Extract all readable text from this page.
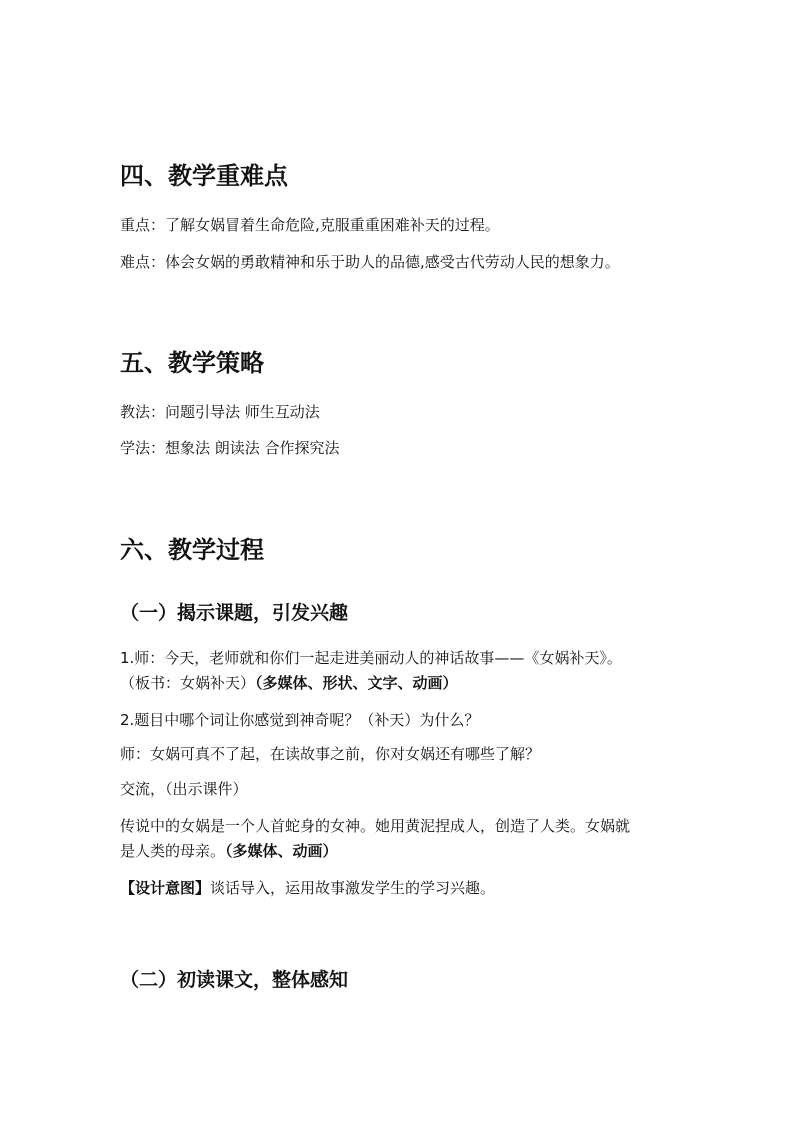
四、教学重难点

重点：了解女娲冒着生命危险,克服重重困难补天的过程。

难点：体会女娲的勇敢精神和乐于助人的品德,感受古代劳动人民的想象力。

五、教学策略

教法：问题引导法 师生互动法

学法：想象法 朗读法 合作探究法

六、教学过程
（一）揭示课题，引发兴趣

1.师：今天，老师就和你们一起走进美丽动人的神话故事——《女娲补天》。

（板书：女娲补天）（多媒体、形状、文字、动画）

2.题目中哪个词让你感觉到神奇呢？（补天）为什么？

师：女娲可真不了起，在读故事之前，你对女娲还有哪些了解？

交流，（出示课件）

传说中的女娲是一个人首蛇身的女神。她用黄泥捏成人，创造了人类。女娲就

是人类的母亲。（多媒体、动画）

【设计意图】谈话导入，运用故事激发学生的学习兴趣。

（二）初读课文，整体感知
